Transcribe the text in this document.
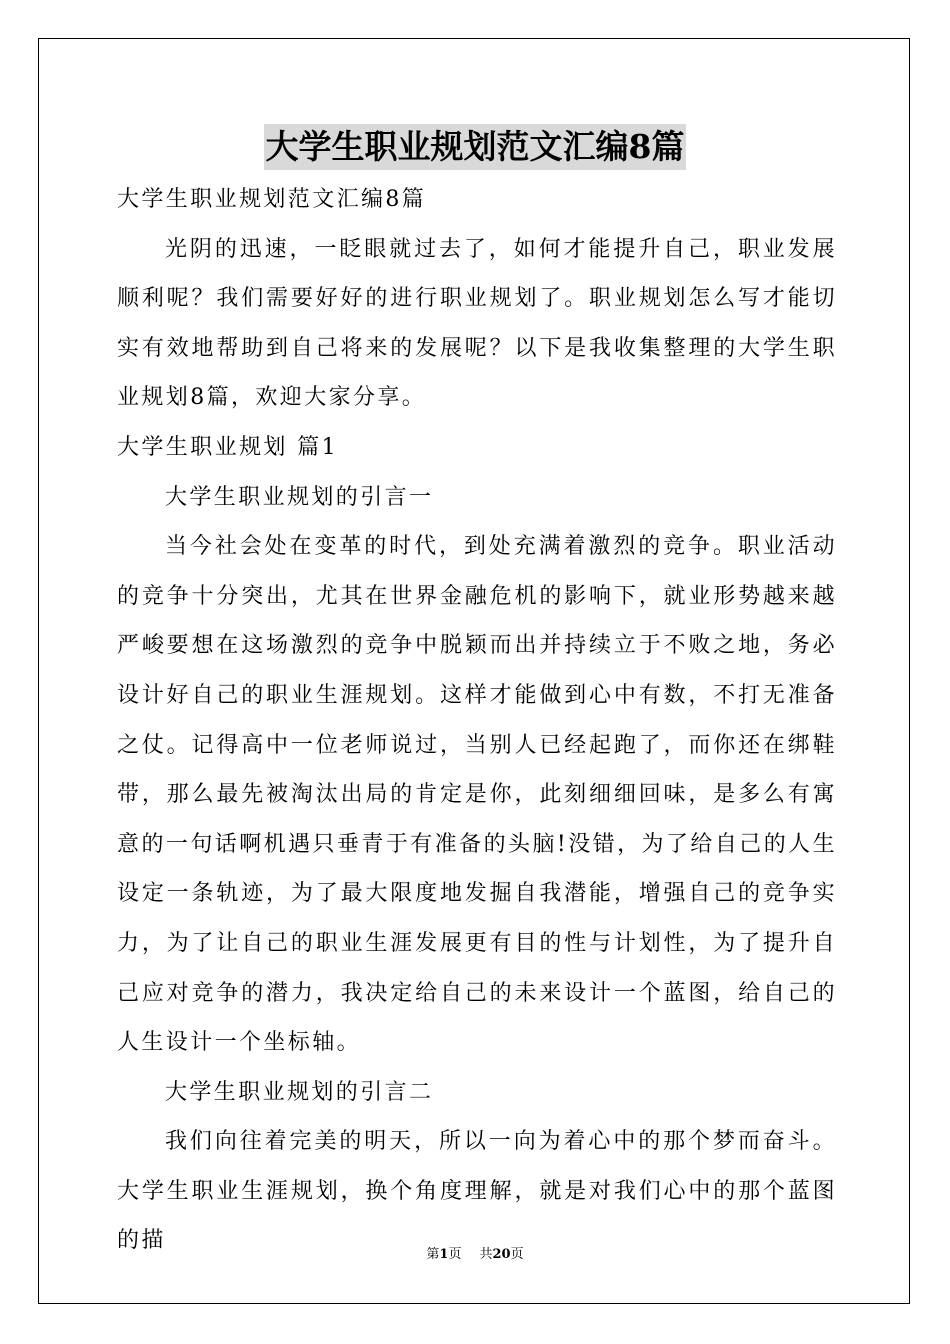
大学生职业规划范文汇编8篇

大学生职业规划范文汇编8篇

光阴的迅速，一眨眼就过去了，如何才能提升自己，职业发展顺利呢？我们需要好好的进行职业规划了。职业规划怎么写才能切实有效地帮助到自己将来的发展呢？以下是我收集整理的大学生职业规划8篇，欢迎大家分享。

大学生职业规划 篇1

大学生职业规划的引言一

当今社会处在变革的时代，到处充满着激烈的竞争。职业活动的竞争十分突出，尤其在世界金融危机的影响下，就业形势越来越严峻要想在这场激烈的竞争中脱颖而出并持续立于不败之地，务必设计好自己的职业生涯规划。这样才能做到心中有数，不打无准备之仗。记得高中一位老师说过，当别人已经起跑了，而你还在绑鞋带，那么最先被淘汰出局的肯定是你，此刻细细回味，是多么有寓意的一句话啊机遇只垂青于有准备的头脑!没错，为了给自己的人生设定一条轨迹，为了最大限度地发掘自我潜能，增强自己的竞争实力，为了让自己的职业生涯发展更有目的性与计划性，为了提升自己应对竞争的潜力，我决定给自己的未来设计一个蓝图，给自己的人生设计一个坐标轴。

大学生职业规划的引言二

我们向往着完美的明天，所以一向为着心中的那个梦而奋斗。大学生职业生涯规划，换个角度理解，就是对我们心中的那个蓝图的描

第1页 共20页
